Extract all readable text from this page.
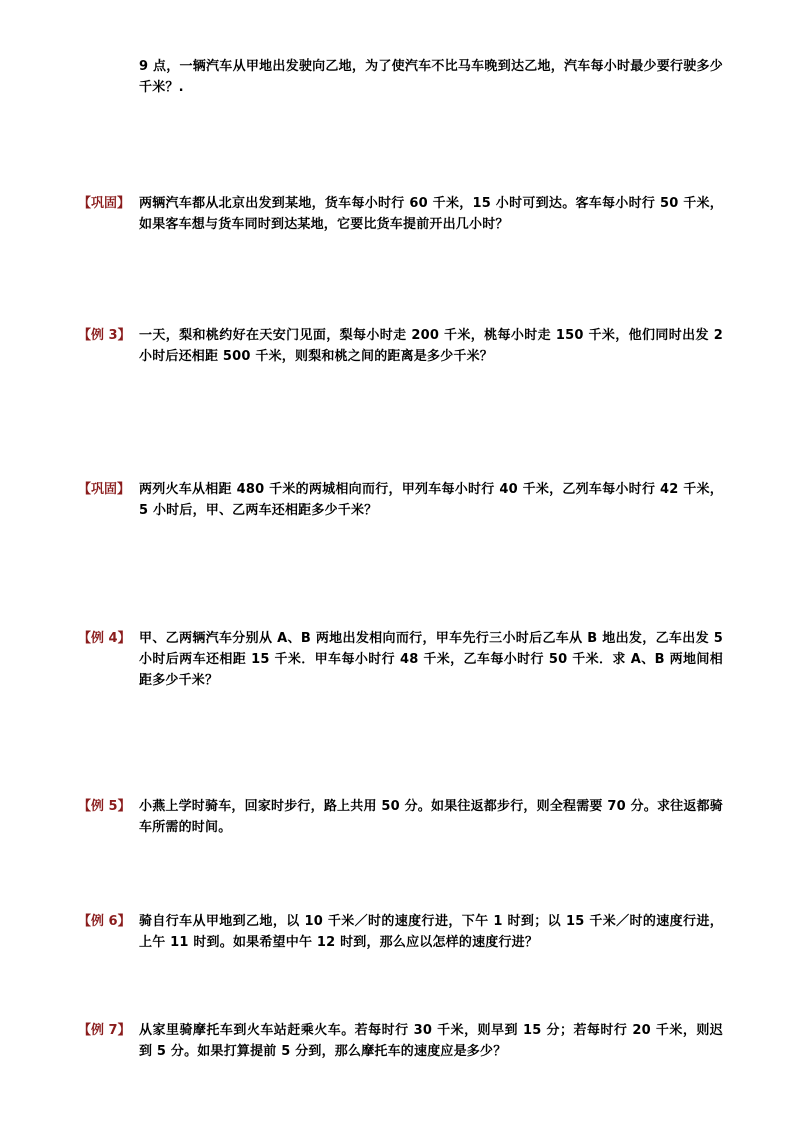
9 点，一辆汽车从甲地出发驶向乙地，为了使汽车不比马车晚到达乙地，汽车每小时最少要行驶多少千米？.
【巩固】 两辆汽车都从北京出发到某地，货车每小时行 60 千米，15 小时可到达。客车每小时行 50 千米，如果客车想与货车同时到达某地，它要比货车提前开出几小时？
【例 3】 一天，梨和桃约好在天安门见面，梨每小时走 200 千米，桃每小时走 150 千米，他们同时出发 2 小时后还相距 500 千米，则梨和桃之间的距离是多少千米？
【巩固】 两列火车从相距 480 千米的两城相向而行，甲列车每小时行 40 千米，乙列车每小时行 42 千米，5 小时后，甲、乙两车还相距多少千米？
【例 4】 甲、乙两辆汽车分别从 A、B 两地出发相向而行，甲车先行三小时后乙车从 B 地出发，乙车出发 5 小时后两车还相距 15 千米．甲车每小时行 48 千米，乙车每小时行 50 千米．求 A、B 两地间相距多少千米？
【例 5】 小燕上学时骑车，回家时步行，路上共用 50 分。如果往返都步行，则全程需要 70 分。求往返都骑车所需的时间。
【例 6】 骑自行车从甲地到乙地，以 10 千米／时的速度行进，下午 1 时到；以 15 千米／时的速度行进，上午 11 时到。如果希望中午 12 时到，那么应以怎样的速度行进？
【例 7】 从家里骑摩托车到火车站赶乘火车。若每时行 30 千米，则早到 15 分；若每时行 20 千米，则迟到 5 分。如果打算提前 5 分到，那么摩托车的速度应是多少？
